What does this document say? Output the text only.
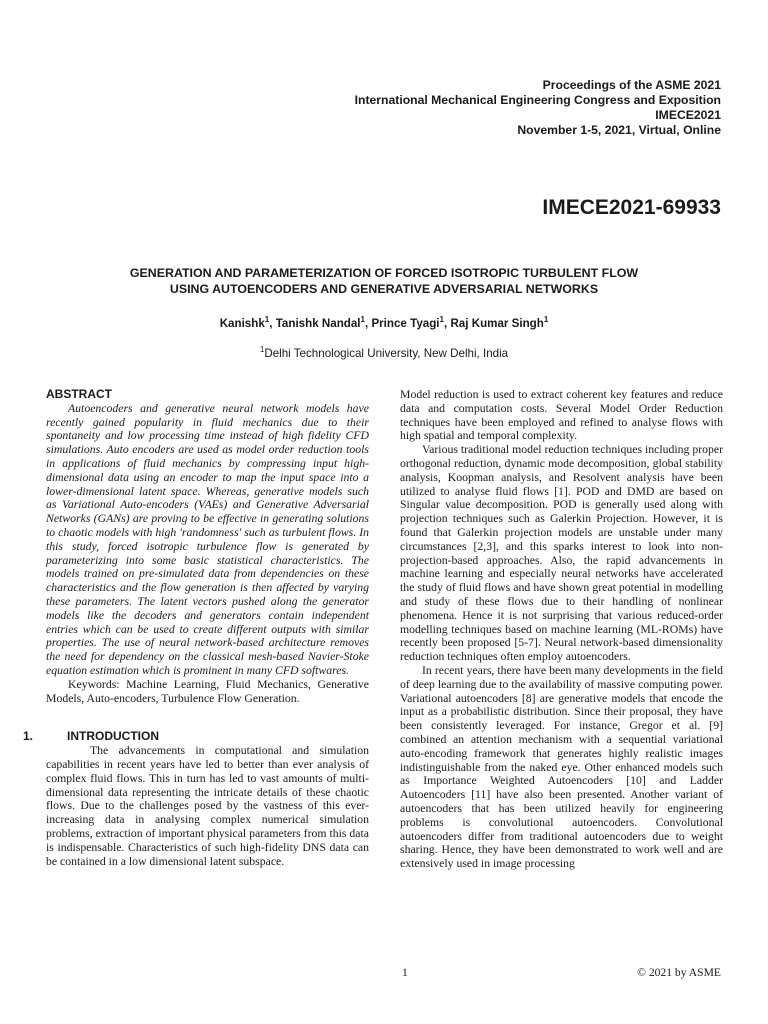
Proceedings of the ASME 2021
International Mechanical Engineering Congress and Exposition
IMECE2021
November 1-5, 2021, Virtual, Online
IMECE2021-69933
GENERATION AND PARAMETERIZATION OF FORCED ISOTROPIC TURBULENT FLOW
USING AUTOENCODERS AND GENERATIVE ADVERSARIAL NETWORKS
Kanishk$^1$, Tanishk Nandal$^1$, Prince Tyagi$^1$, Raj Kumar Singh$^1$
$^1$Delhi Technological University, New Delhi, India

ABSTRACT

Autoencoders and generative neural network models have recently gained popularity in fluid mechanics due to their spontaneity and low processing time instead of high fidelity CFD simulations. Auto encoders are used as model order reduction tools in applications of fluid mechanics by compressing input high-dimensional data using an encoder to map the input space into a lower-dimensional latent space. Whereas, generative models such as Variational Auto-encoders (VAEs) and Generative Adversarial Networks (GANs) are proving to be effective in generating solutions to chaotic models with high 'randomness' such as turbulent flows. In this study, forced isotropic turbulence flow is generated by parameterizing into some basic statistical characteristics. The models trained on pre-simulated data from dependencies on these characteristics and the flow generation is then affected by varying these parameters. The latent vectors pushed along the generator models like the decoders and generators contain independent entries which can be used to create different outputs with similar properties. The use of neural network-based architecture removes the need for dependency on the classical mesh-based Navier-Stoke equation estimation which is prominent in many CFD softwares.

Keywords: Machine Learning, Fluid Mechanics, Generative Models, Auto-encoders, Turbulence Flow Generation.

1.	INTRODUCTION

The advancements in computational and simulation capabilities in recent years have led to better than ever analysis of complex fluid flows. This in turn has led to vast amounts of multi-dimensional data representing the intricate details of these chaotic flows. Due to the challenges posed by the vastness of this ever-increasing data in analysing complex numerical simulation problems, extraction of important physical parameters from this data is indispensable. Characteristics of such high-fidelity DNS data can be contained in a low dimensional latent subspace.

Model reduction is used to extract coherent key features and reduce data and computation costs. Several Model Order Reduction techniques have been employed and refined to analyse flows with high spatial and temporal complexity.

Various traditional model reduction techniques including proper orthogonal reduction, dynamic mode decomposition, global stability analysis, Koopman analysis, and Resolvent analysis have been utilized to analyse fluid flows [1]. POD and DMD are based on Singular value decomposition. POD is generally used along with projection techniques such as Galerkin Projection. However, it is found that Galerkin projection models are unstable under many circumstances [2,3], and this sparks interest to look into non-projection-based approaches. Also, the rapid advancements in machine learning and especially neural networks have accelerated the study of fluid flows and have shown great potential in modelling and study of these flows due to their handling of nonlinear phenomena. Hence it is not surprising that various reduced-order modelling techniques based on machine learning (ML-ROMs) have recently been proposed [5-7]. Neural network-based dimensionality reduction techniques often employ autoencoders.

In recent years, there have been many developments in the field of deep learning due to the availability of massive computing power. Variational autoencoders [8] are generative models that encode the input as a probabilistic distribution. Since their proposal, they have been consistently leveraged. For instance, Gregor et al. [9] combined an attention mechanism with a sequential variational auto-encoding framework that generates highly realistic images indistinguishable from the naked eye. Other enhanced models such as Importance Weighted Autoencoders [10] and Ladder Autoencoders [11] have also been presented. Another variant of autoencoders that has been utilized heavily for engineering problems is convolutional autoencoders. Convolutional autoencoders differ from traditional autoencoders due to weight sharing. Hence, they have been demonstrated to work well and are extensively used in image processing

1	© 2021 by ASME
